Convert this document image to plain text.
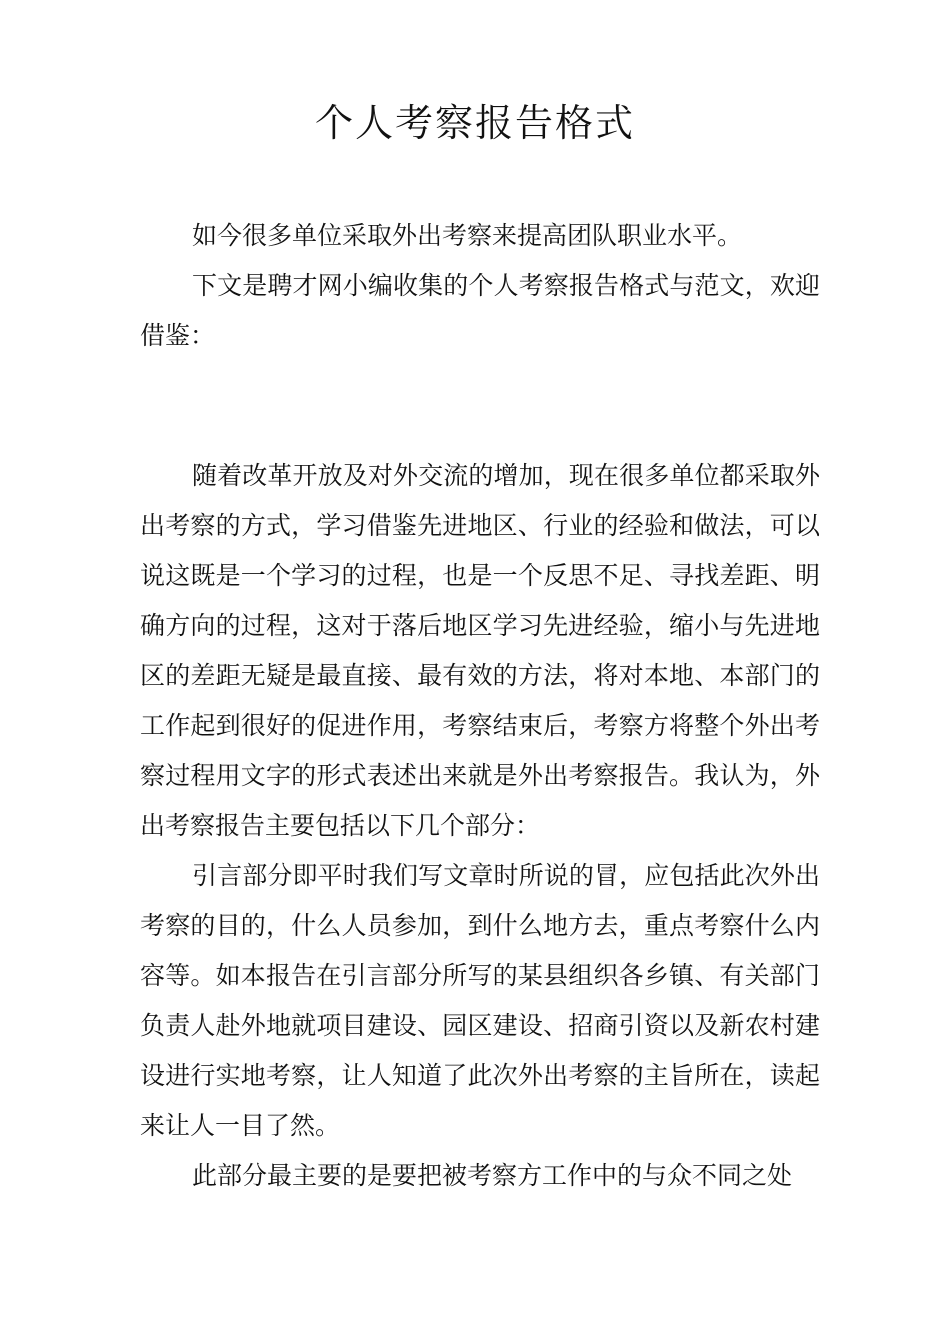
个人考察报告格式

如今很多单位采取外出考察来提高团队职业水平。

下文是聘才网小编收集的个人考察报告格式与范文，欢迎借鉴：

随着改革开放及对外交流的增加，现在很多单位都采取外出考察的方式，学习借鉴先进地区、行业的经验和做法，可以说这既是一个学习的过程，也是一个反思不足、寻找差距、明确方向的过程，这对于落后地区学习先进经验，缩小与先进地区的差距无疑是最直接、最有效的方法，将对本地、本部门的工作起到很好的促进作用，考察结束后，考察方将整个外出考察过程用文字的形式表述出来就是外出考察报告。我认为，外出考察报告主要包括以下几个部分：

引言部分即平时我们写文章时所说的冒，应包括此次外出考察的目的，什么人员参加，到什么地方去，重点考察什么内容等。如本报告在引言部分所写的某县组织各乡镇、有关部门负责人赴外地就项目建设、园区建设、招商引资以及新农村建设进行实地考察，让人知道了此次外出考察的主旨所在，读起来让人一目了然。

此部分最主要的是要把被考察方工作中的与众不同之处
